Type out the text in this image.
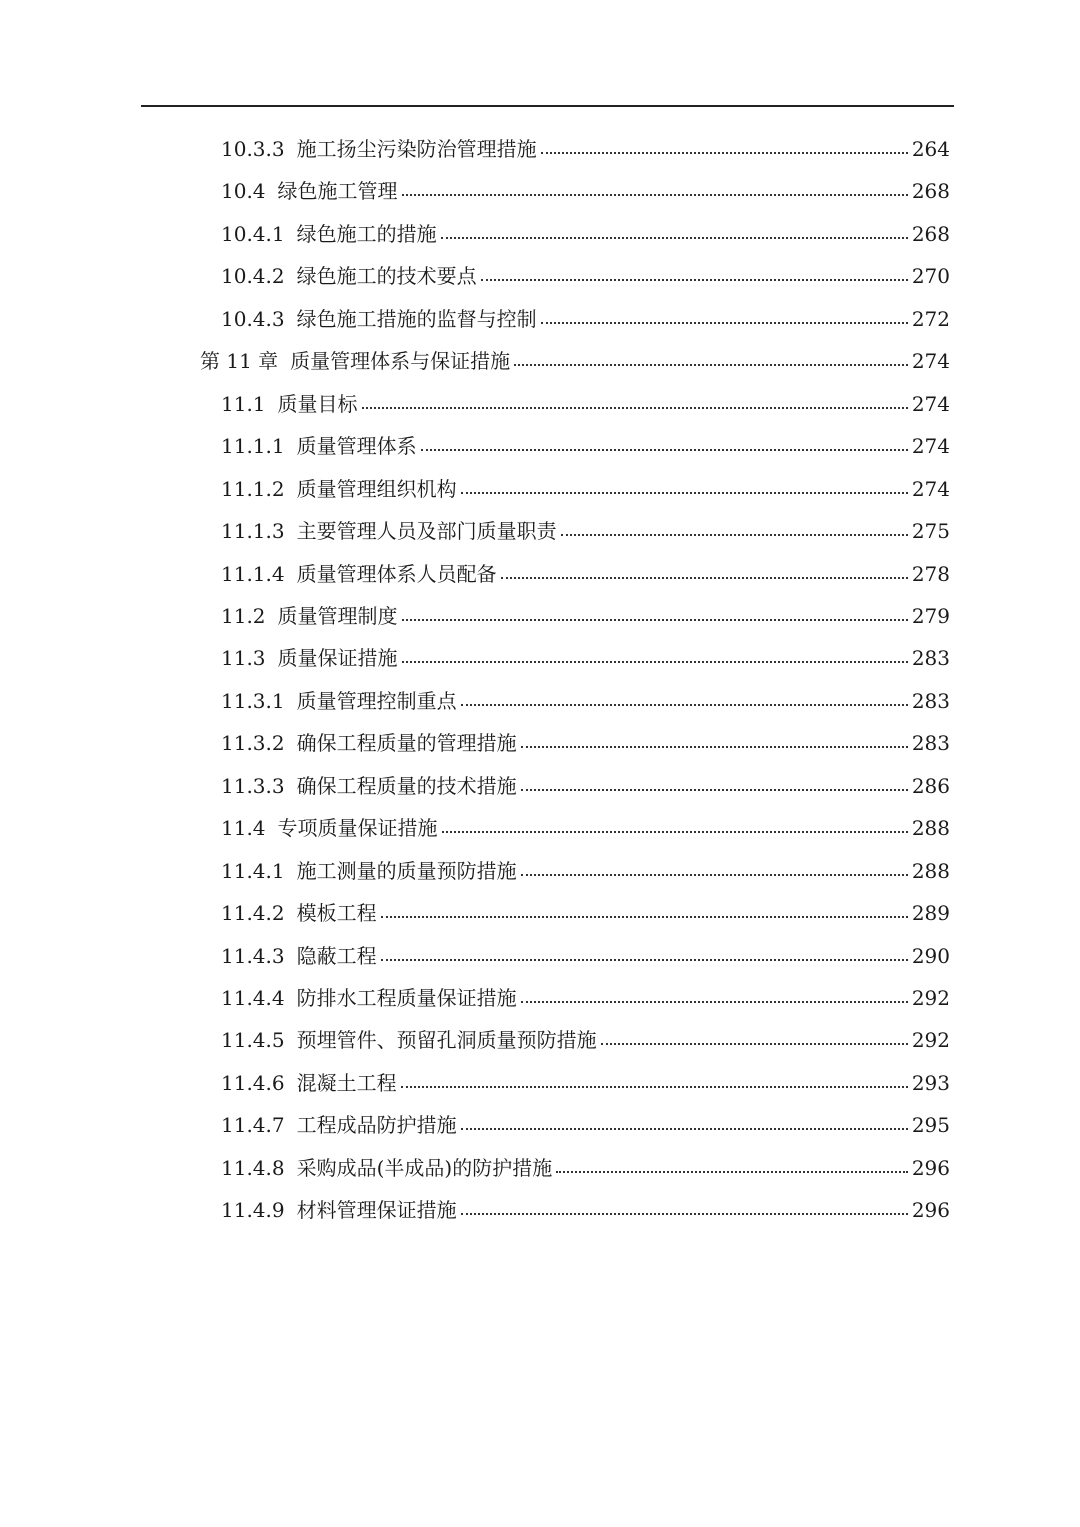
10.3.3 施工扬尘污染防治管理措施	264
10.4 绿色施工管理	268
10.4.1 绿色施工的措施	268
10.4.2 绿色施工的技术要点	270
10.4.3 绿色施工措施的监督与控制	272
第 11 章 质量管理体系与保证措施	274
11.1 质量目标	274
11.1.1 质量管理体系	274
11.1.2 质量管理组织机构	274
11.1.3 主要管理人员及部门质量职责	275
11.1.4 质量管理体系人员配备	278
11.2 质量管理制度	279
11.3 质量保证措施	283
11.3.1 质量管理控制重点	283
11.3.2 确保工程质量的管理措施	283
11.3.3 确保工程质量的技术措施	286
11.4 专项质量保证措施	288
11.4.1 施工测量的质量预防措施	288
11.4.2 模板工程	289
11.4.3 隐蔽工程	290
11.4.4 防排水工程质量保证措施	292
11.4.5 预埋管件、预留孔洞质量预防措施	292
11.4.6 混凝土工程	293
11.4.7 工程成品防护措施	295
11.4.8 采购成品(半成品)的防护措施	296
11.4.9 材料管理保证措施	296
